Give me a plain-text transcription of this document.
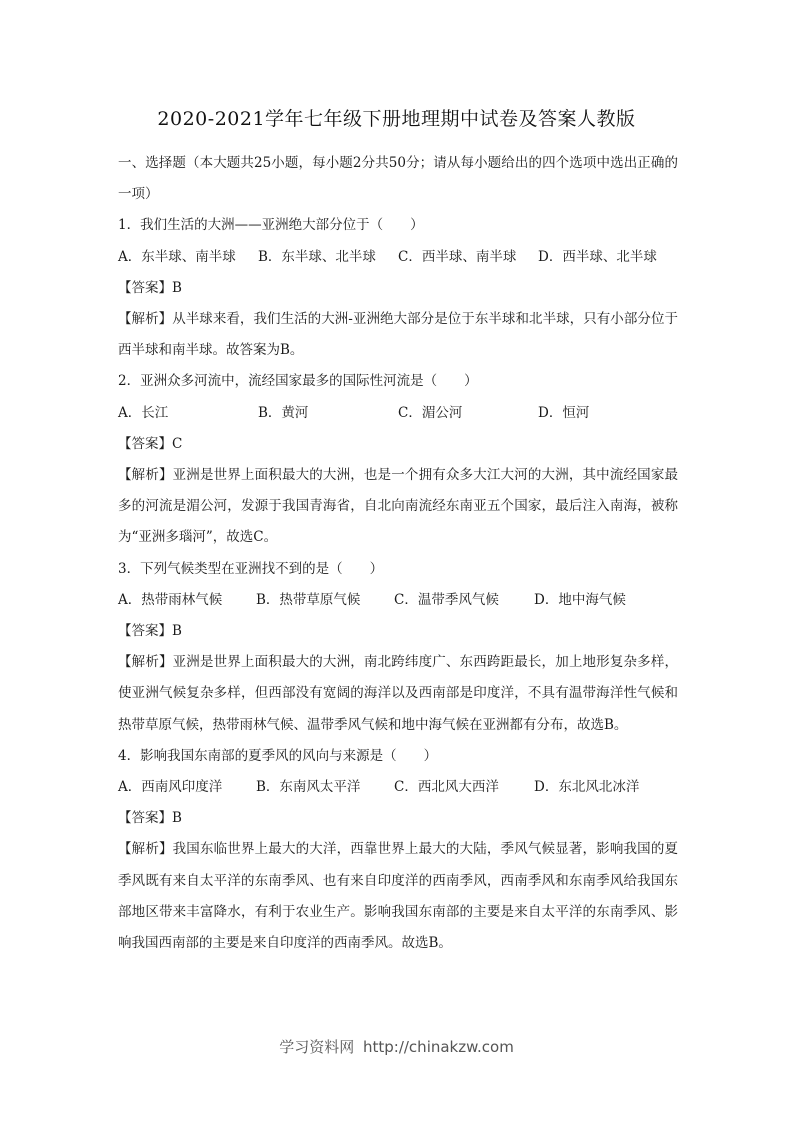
2020-2021学年七年级下册地理期中试卷及答案人教版

一、选择题（本大题共25小题，每小题2分共50分；请从每小题给出的四个选项中选出正确的一项）

1．我们生活的大洲——亚洲绝大部分位于（　　）

A．东半球、南半球	B．东半球、北半球	C．西半球、南半球	D．西半球、北半球

【答案】B

【解析】从半球来看，我们生活的大洲-亚洲绝大部分是位于东半球和北半球，只有小部分位于西半球和南半球。故答案为B。

2．亚洲众多河流中，流经国家最多的国际性河流是（　　）

A．长江	B．黄河	C．湄公河	D．恒河

【答案】C

【解析】亚洲是世界上面积最大的大洲，也是一个拥有众多大江大河的大洲，其中流经国家最多的河流是湄公河，发源于我国青海省，自北向南流经东南亚五个国家，最后注入南海，被称为“亚洲多瑙河”，故选C。

3．下列气候类型在亚洲找不到的是（　　）

A．热带雨林气候	B．热带草原气候	C．温带季风气候	D．地中海气候

【答案】B

【解析】亚洲是世界上面积最大的大洲，南北跨纬度广、东西跨距最长，加上地形复杂多样，使亚洲气候复杂多样，但西部没有宽阔的海洋以及西南部是印度洋，不具有温带海洋性气候和热带草原气候，热带雨林气候、温带季风气候和地中海气候在亚洲都有分布，故选B。

4．影响我国东南部的夏季风的风向与来源是（　　）

A．西南风印度洋	B．东南风太平洋	C．西北风大西洋	D．东北风北冰洋

【答案】B

【解析】我国东临世界上最大的大洋，西靠世界上最大的大陆，季风气候显著，影响我国的夏季风既有来自太平洋的东南季风、也有来自印度洋的西南季风，西南季风和东南季风给我国东部地区带来丰富降水，有利于农业生产。影响我国东南部的主要是来自太平洋的东南季风、影响我国西南部的主要是来自印度洋的西南季风。故选B。

学习资料网 http://chinakzw.com
